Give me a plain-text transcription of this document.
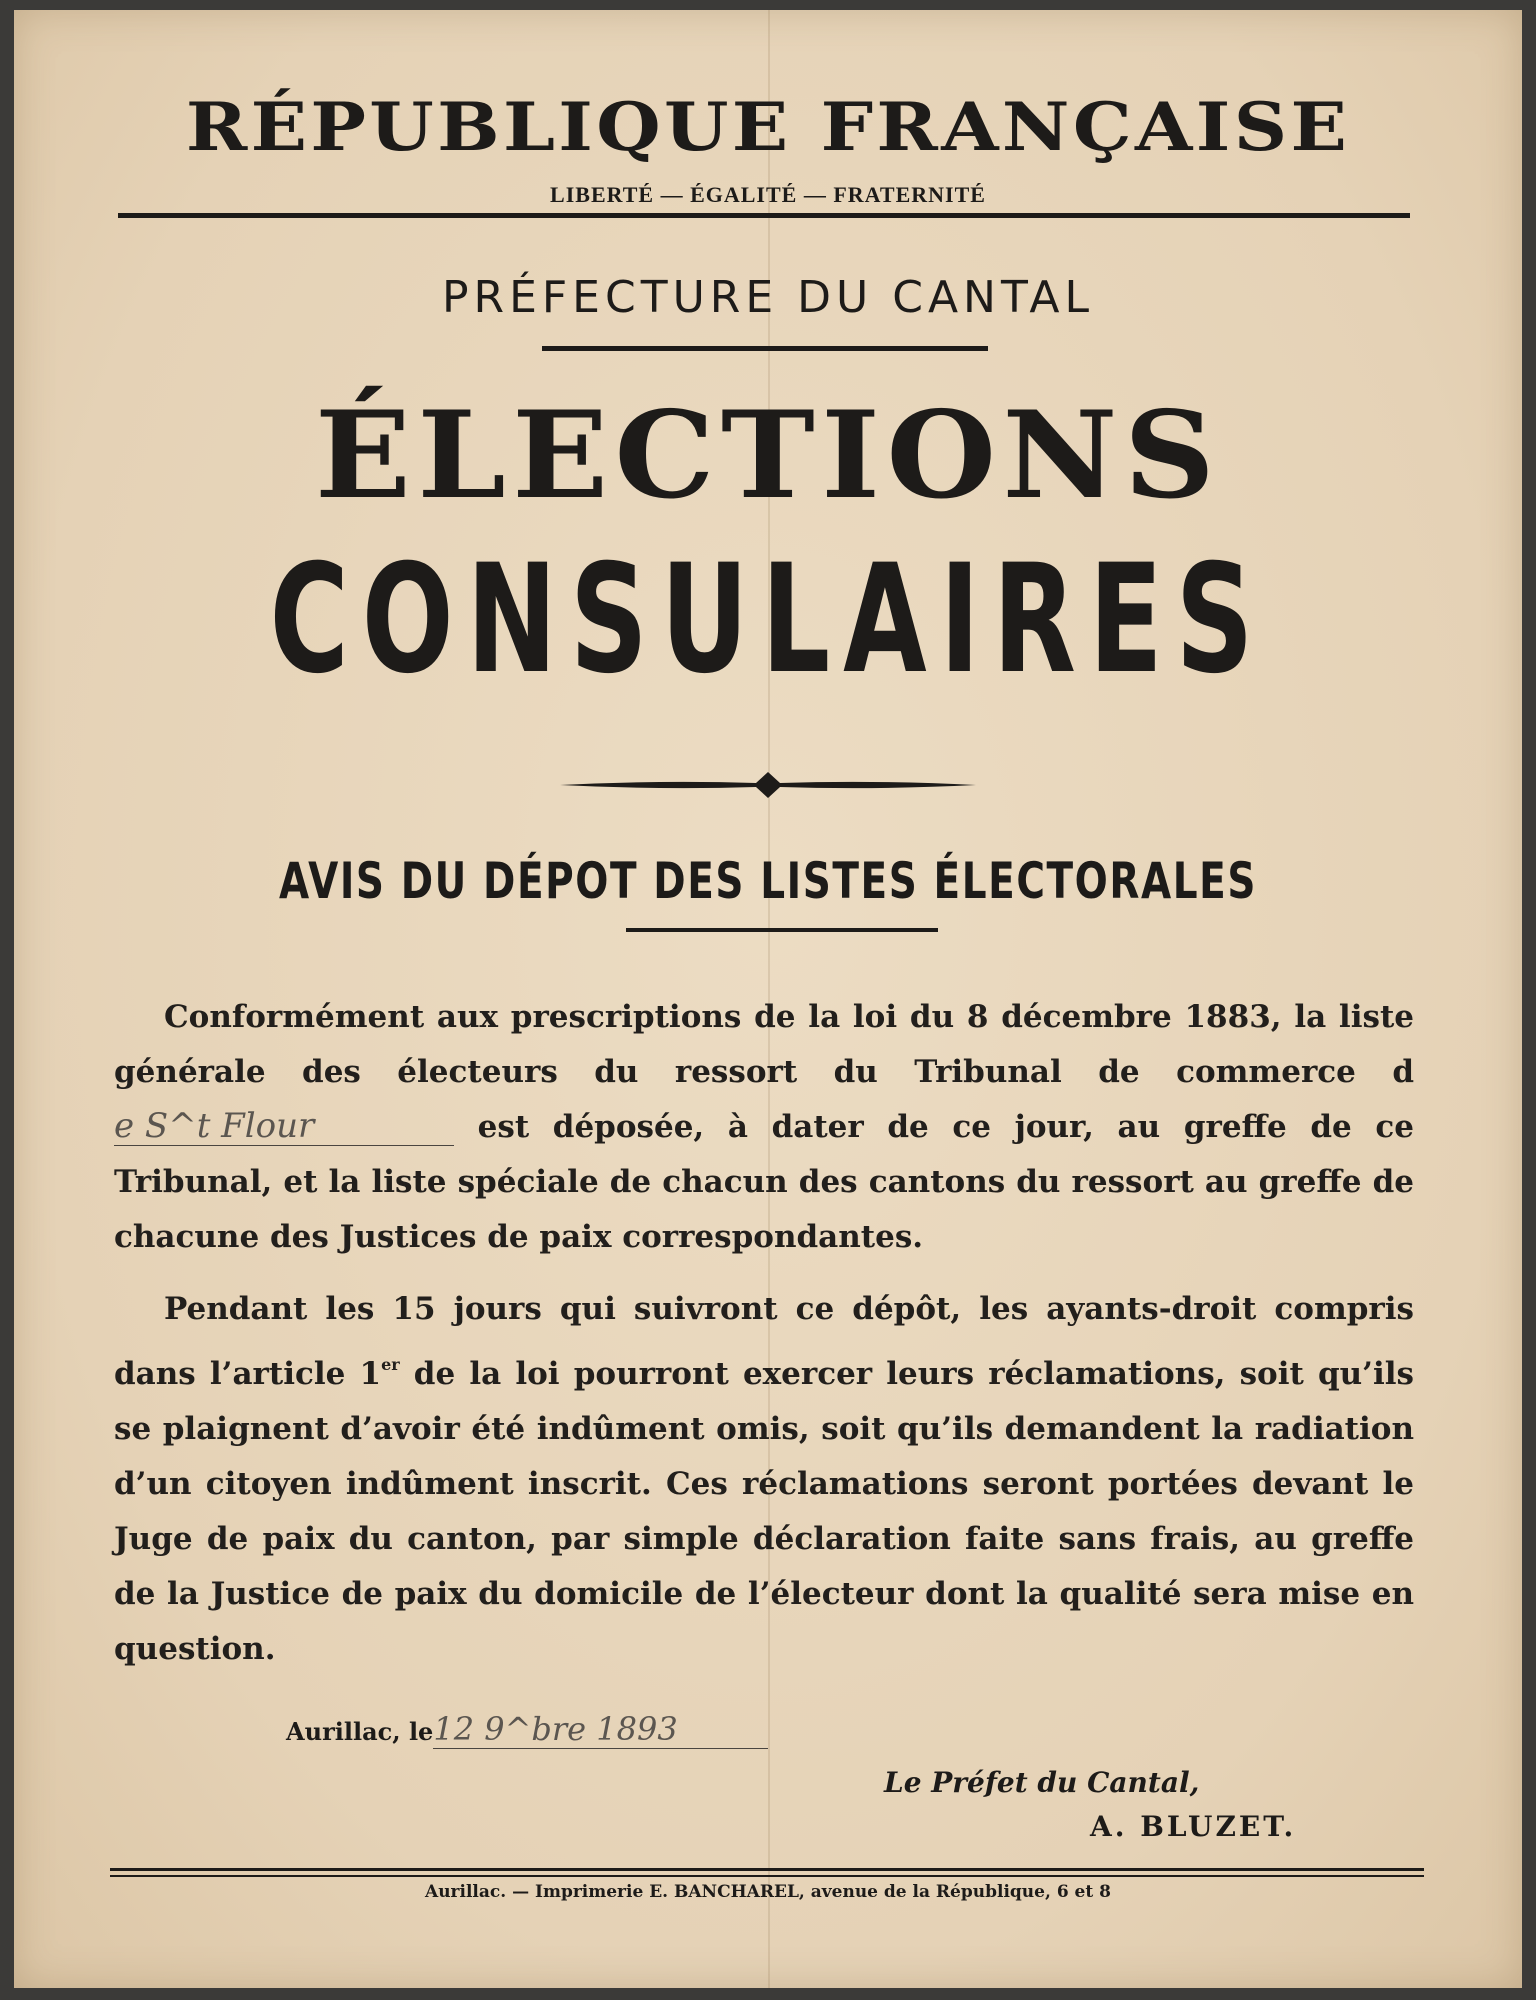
RÉPUBLIQUE FRANÇAISE
LIBERTÉ — ÉGALITÉ — FRATERNITÉ
PRÉFECTURE DU CANTAL
ÉLECTIONS
CONSULAIRES
AVIS DU DÉPOT DES LISTES ÉLECTORALES
Conformément aux prescriptions de la loi du 8 décembre 1883, la liste générale des électeurs du ressort du Tribunal de commerce de S^t Flour	est déposée, à dater de ce jour, au greffe de ce Tribunal, et la liste spéciale de chacun des cantons du ressort au greffe de chacune des Justices de paix correspondantes.
Pendant les 15 jours qui suivront ce dépôt, les ayants-droit compris dans l’article 1er de la loi pourront exercer leurs réclamations, soit qu’ils se plaignent d’avoir été indûment omis, soit qu’ils demandent la radiation d’un citoyen indûment inscrit. Ces réclamations seront portées devant le Juge de paix du canton, par simple déclaration faite sans frais, au greffe de la Justice de paix du domicile de l’électeur dont la qualité sera mise en question.
Aurillac, le12 9^bre 1893
Le Préfet du Cantal,
A. BLUZET.
Aurillac. — Imprimerie E. BANCHAREL, avenue de la République, 6 et 8
